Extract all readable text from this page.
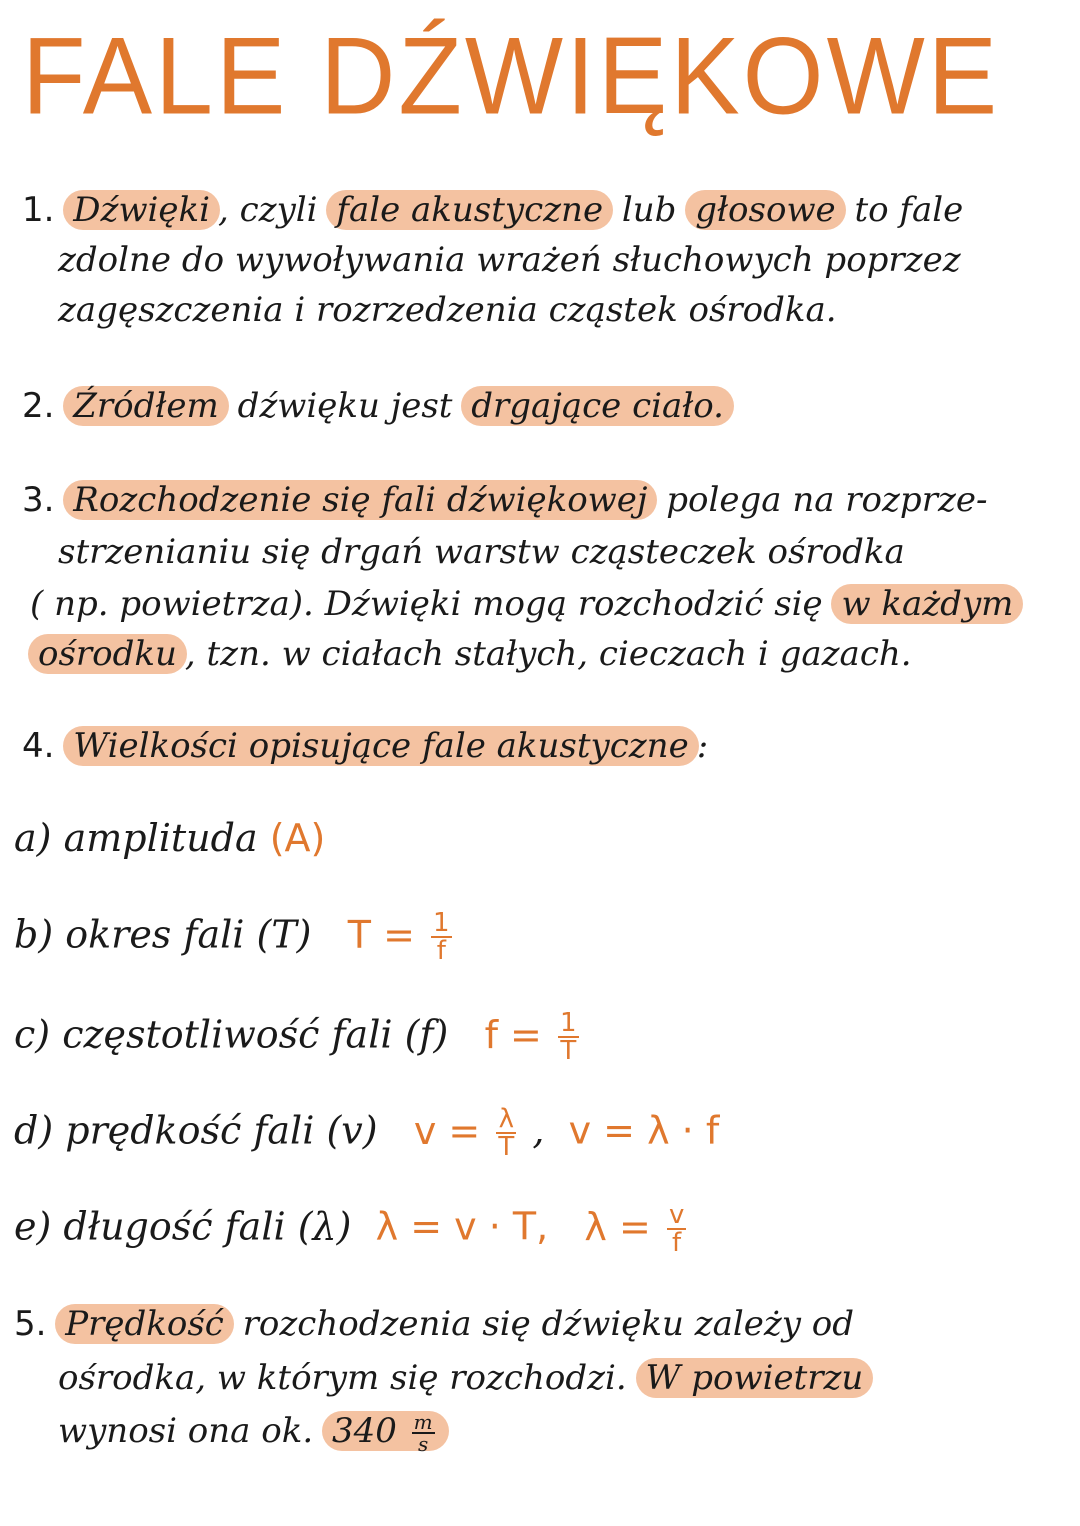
FALE DŹWIĘKOWE
1. Dźwięki , czyli fale akustyczne lub głosowe to fale
zdolne do wywoływania wrażeń słuchowych poprzez
zagęszczenia i rozrzedzenia cząstek ośrodka.
2. Źródłem dźwięku jest drgające ciało.
3. Rozchodzenie się fali dźwiękowej polega na rozprze-
strzenianiu się drgań warstw cząsteczek ośrodka
( np. powietrza). Dźwięki mogą rozchodzić się w każdym
ośrodku , tzn. w ciałach stałych, cieczach i gazach.
4. Wielkości opisujące fale akustyczne :
a) amplituda (A)
b) okres fali (T) $T = \frac{1}{f}$
c) częstotliwość fali (f) $f = \frac{1}{T}$
d) prędkość fali (v) $v = \frac{\lambda}{T}$ , v = λ · f
e) długość fali (λ) λ = v · T, $\lambda = \frac{v}{f}$
5. Prędkość rozchodzenia się dźwięku zależy od
ośrodka, w którym się rozchodzi. W powietrzu
wynosi ona ok. $340 \frac{m}{s}$
